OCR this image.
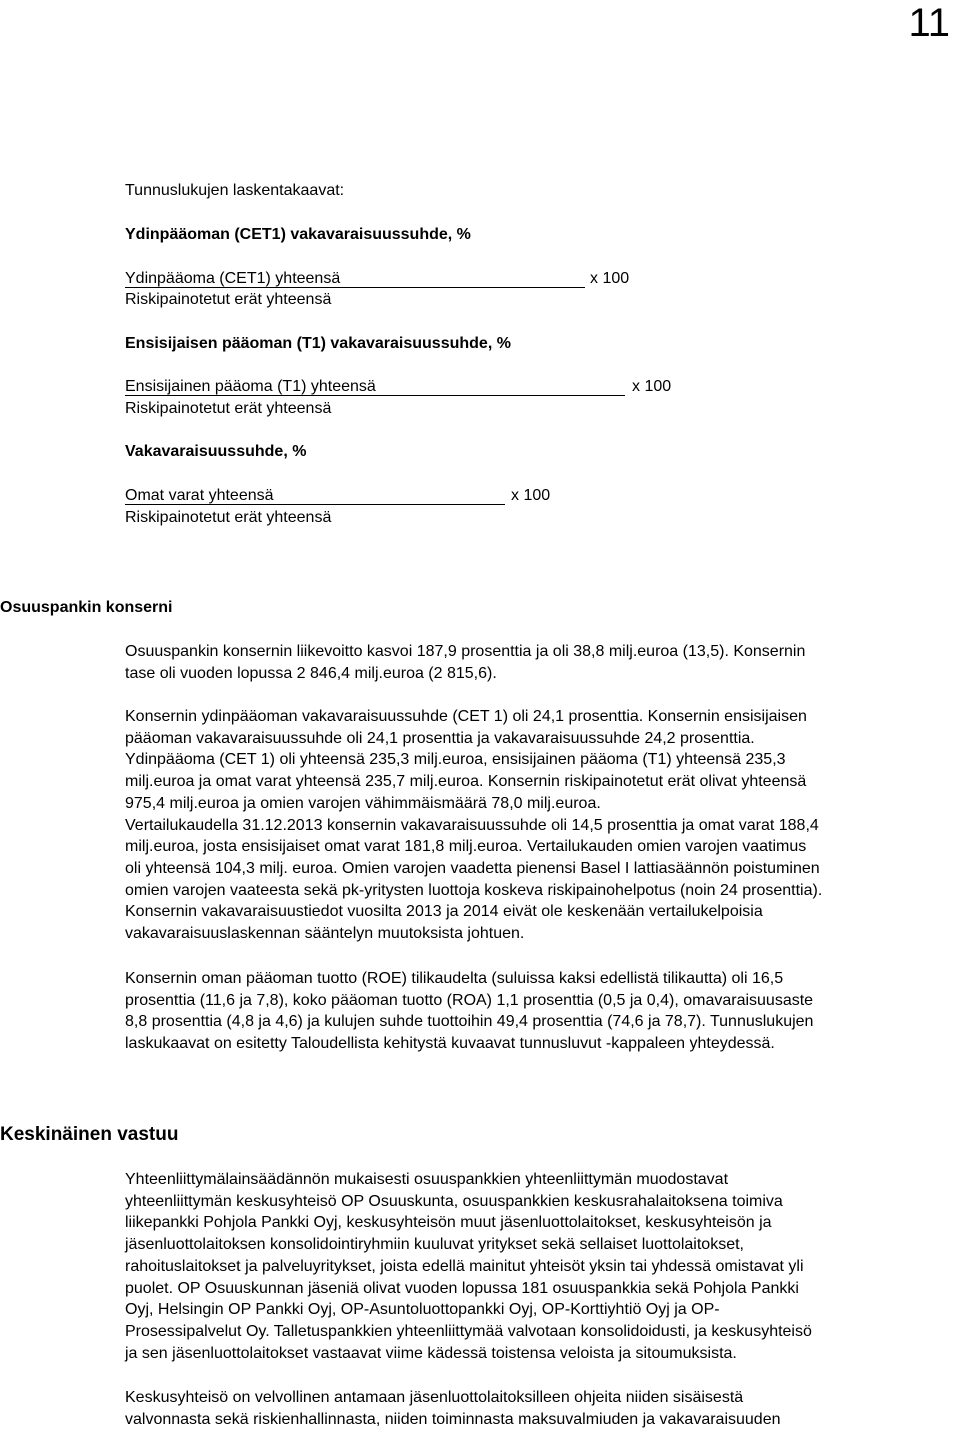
11
Tunnuslukujen laskentakaavat:
Ydinpääoman (CET1) vakavaraisuussuhde, %
Ydinpääoma (CET1) yhteensä	x 100
Riskipainotetut erät yhteensä
Ensisijaisen pääoman (T1) vakavaraisuussuhde, %
Ensisijainen pääoma (T1) yhteensä	x 100
Riskipainotetut erät yhteensä
Vakavaraisuussuhde, %
Omat varat yhteensä	x 100
Riskipainotetut erät yhteensä
Osuuspankin konserni
Osuuspankin konsernin liikevoitto kasvoi 187,9 prosenttia ja oli 38,8 milj.euroa (13,5). Konsernin
tase oli vuoden lopussa 2 846,4 milj.euroa (2 815,6).
Konsernin ydinpääoman vakavaraisuussuhde (CET 1) oli 24,1 prosenttia. Konsernin ensisijaisen
pääoman vakavaraisuussuhde oli 24,1 prosenttia ja vakavaraisuussuhde 24,2 prosenttia.
Ydinpääoma (CET 1) oli yhteensä 235,3 milj.euroa, ensisijainen pääoma (T1) yhteensä 235,3
milj.euroa ja omat varat yhteensä 235,7 milj.euroa. Konsernin riskipainotetut erät olivat yhteensä
975,4 milj.euroa ja omien varojen vähimmäismäärä 78,0 milj.euroa.
Vertailukaudella 31.12.2013 konsernin vakavaraisuussuhde oli 14,5 prosenttia ja omat varat 188,4
milj.euroa, josta ensisijaiset omat varat 181,8 milj.euroa. Vertailukauden omien varojen vaatimus
oli yhteensä 104,3 milj. euroa. Omien varojen vaadetta pienensi Basel I lattiasäännön poistuminen
omien varojen vaateesta sekä pk-yritysten luottoja koskeva riskipainohelpotus (noin 24 prosenttia).
Konsernin vakavaraisuustiedot vuosilta 2013 ja 2014 eivät ole keskenään vertailukelpoisia
vakavaraisuuslaskennan sääntelyn muutoksista johtuen.
Konsernin oman pääoman tuotto (ROE) tilikaudelta (suluissa kaksi edellistä tilikautta) oli 16,5
prosenttia (11,6 ja 7,8), koko pääoman tuotto (ROA) 1,1 prosenttia (0,5 ja 0,4), omavaraisuusaste
8,8 prosenttia (4,8 ja 4,6) ja kulujen suhde tuottoihin 49,4 prosenttia (74,6 ja 78,7). Tunnuslukujen
laskukaavat on esitetty Taloudellista kehitystä kuvaavat tunnusluvut -kappaleen yhteydessä.
Keskinäinen vastuu
Yhteenliittymälainsäädännön mukaisesti osuuspankkien yhteenliittymän muodostavat
yhteenliittymän keskusyhteisö OP Osuuskunta, osuuspankkien keskusrahalaitoksena toimiva
liikepankki Pohjola Pankki Oyj, keskusyhteisön muut jäsenluottolaitokset, keskusyhteisön ja
jäsenluottolaitoksen konsolidointiryhmiin kuuluvat yritykset sekä sellaiset luottolaitokset,
rahoituslaitokset ja palveluyritykset, joista edellä mainitut yhteisöt yksin tai yhdessä omistavat yli
puolet. OP Osuuskunnan jäseniä olivat vuoden lopussa 181 osuuspankkia sekä Pohjola Pankki
Oyj, Helsingin OP Pankki Oyj, OP-Asuntoluottopankki Oyj, OP-Korttiyhtiö Oyj ja OP-
Prosessipalvelut Oy. Talletuspankkien yhteenliittymää valvotaan konsolidoidusti, ja keskusyhteisö
ja sen jäsenluottolaitokset vastaavat viime kädessä toistensa veloista ja sitoumuksista.
Keskusyhteisö on velvollinen antamaan jäsenluottolaitoksilleen ohjeita niiden sisäisestä
valvonnasta sekä riskienhallinnasta, niiden toiminnasta maksuvalmiuden ja vakavaraisuuden
